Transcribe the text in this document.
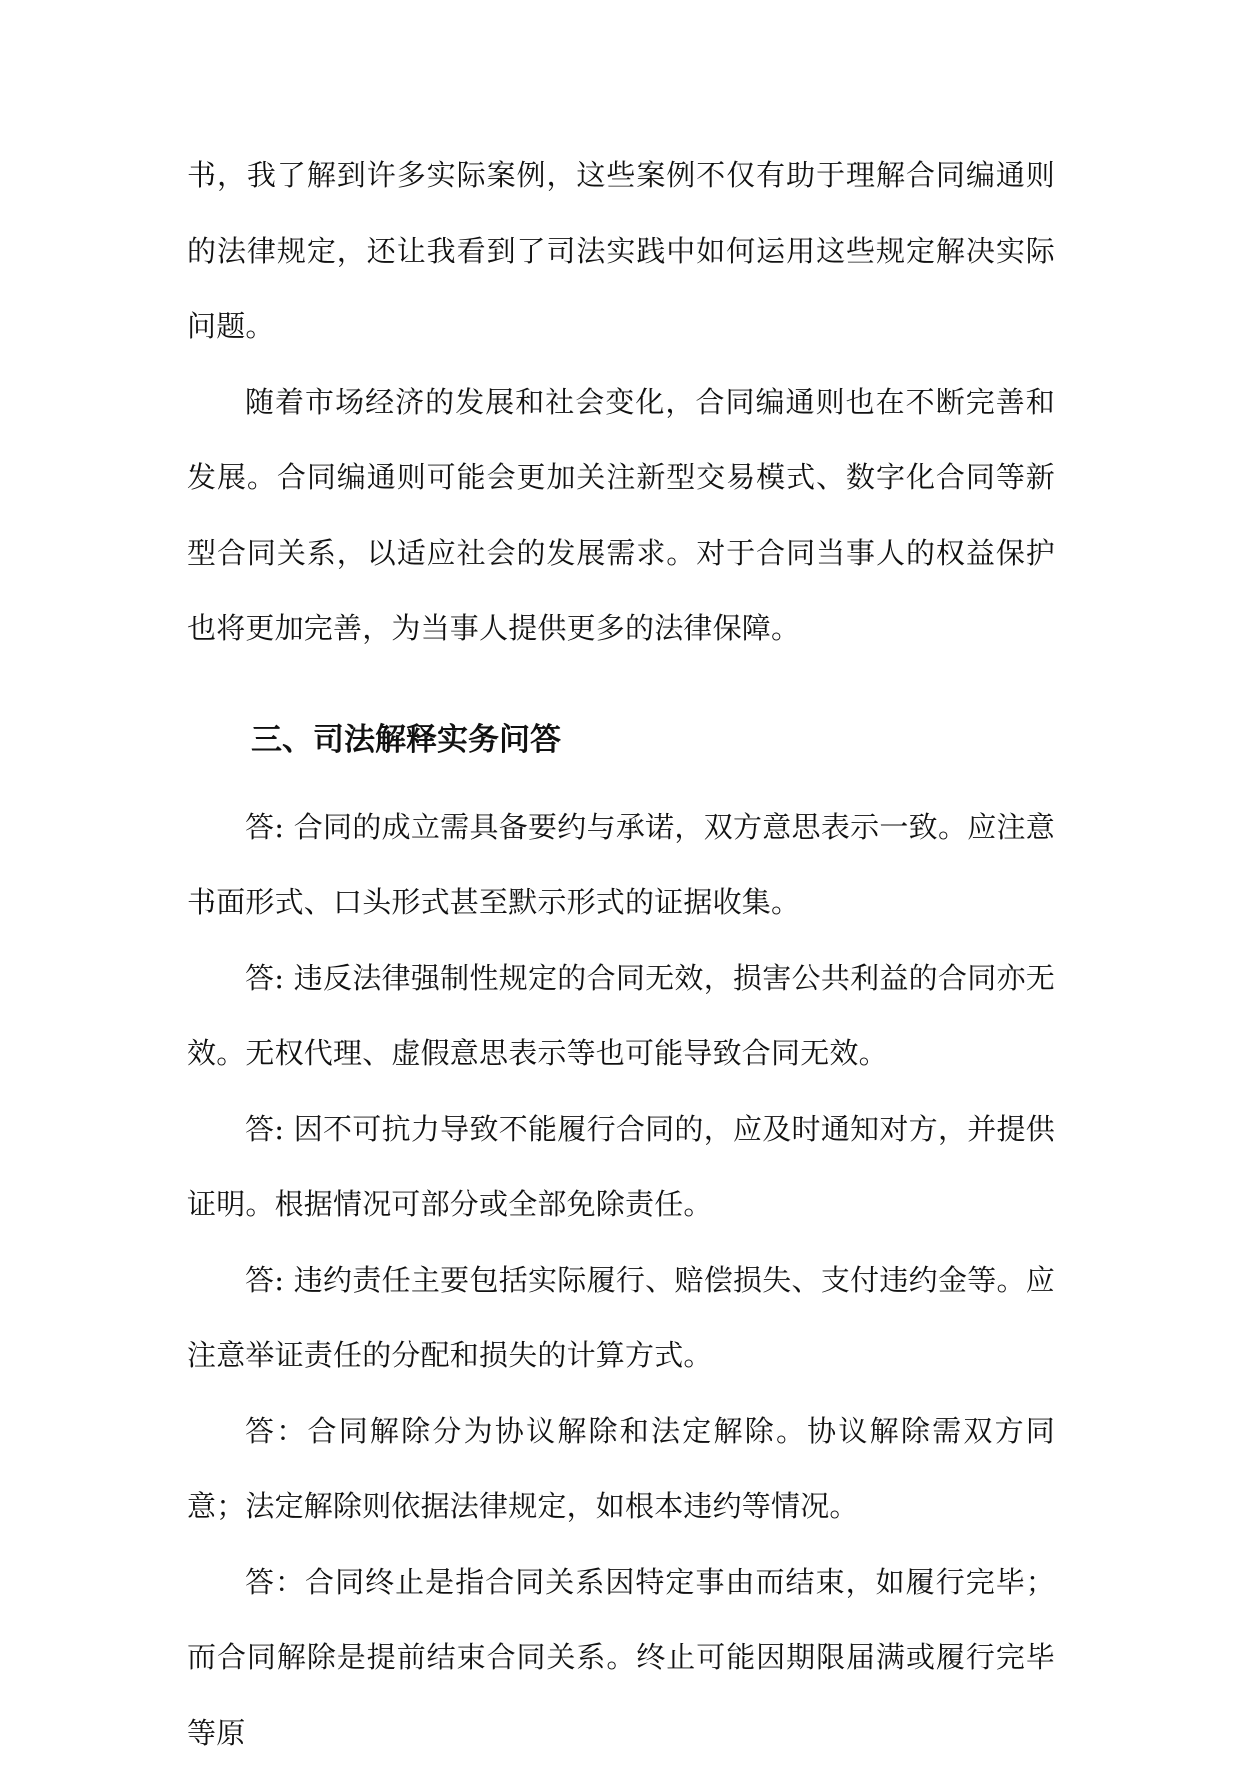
书，我了解到许多实际案例，这些案例不仅有助于理解合同编通则的法律规定，还让我看到了司法实践中如何运用这些规定解决实际问题。

随着市场经济的发展和社会变化，合同编通则也在不断完善和发展。合同编通则可能会更加关注新型交易模式、数字化合同等新型合同关系，以适应社会的发展需求。对于合同当事人的权益保护也将更加完善，为当事人提供更多的法律保障。

三、司法解释实务问答

答: 合同的成立需具备要约与承诺，双方意思表示一致。应注意书面形式、口头形式甚至默示形式的证据收集。

答: 违反法律强制性规定的合同无效，损害公共利益的合同亦无效。无权代理、虚假意思表示等也可能导致合同无效。

答: 因不可抗力导致不能履行合同的，应及时通知对方，并提供证明。根据情况可部分或全部免除责任。

答: 违约责任主要包括实际履行、赔偿损失、支付违约金等。应注意举证责任的分配和损失的计算方式。

答：合同解除分为协议解除和法定解除。协议解除需双方同意；法定解除则依据法律规定，如根本违约等情况。

答：合同终止是指合同关系因特定事由而结束，如履行完毕；而合同解除是提前结束合同关系。终止可能因期限届满或履行完毕等原
